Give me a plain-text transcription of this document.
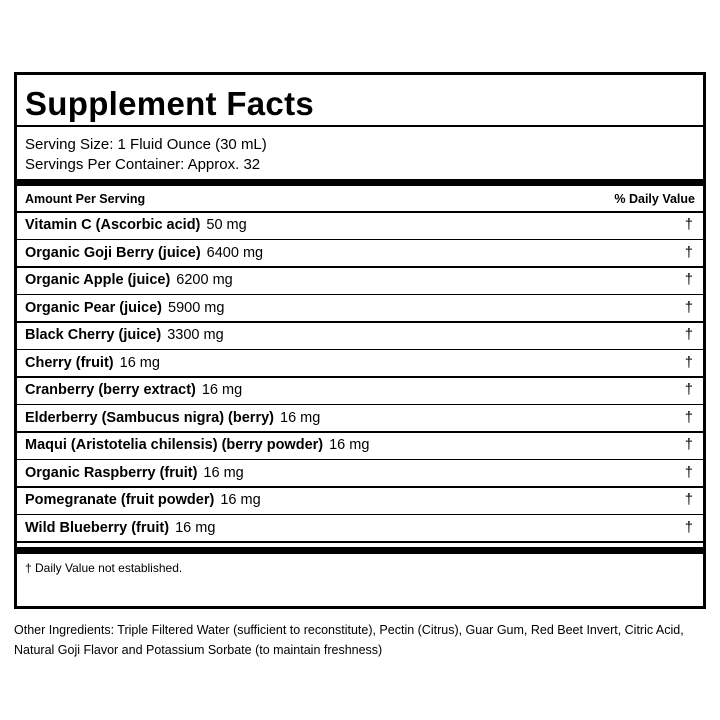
Supplement Facts
Serving Size: 1 Fluid Ounce (30 mL)
Servings Per Container: Approx. 32
Amount Per Serving	% Daily Value
† Daily Value not established.
Vitamin C (Ascorbic acid) 50 mg	†
Organic Goji Berry (juice) 6400 mg	†
Organic Apple (juice) 6200 mg	†
Organic Pear (juice) 5900 mg	†
Black Cherry (juice) 3300 mg	†
Cherry (fruit) 16 mg	†
Cranberry (berry extract) 16 mg	†
Elderberry (Sambucus nigra) (berry) 16 mg	†
Maqui (Aristotelia chilensis) (berry powder) 16 mg	†
Organic Raspberry (fruit) 16 mg	†
Pomegranate (fruit powder) 16 mg	†
Wild Blueberry (fruit) 16 mg	†
Other Ingredients: Triple Filtered Water (sufficient to reconstitute), Pectin (Citrus), Guar Gum, Red Beet Invert, Citric Acid, Natural Goji Flavor and Potassium Sorbate (to maintain freshness)
